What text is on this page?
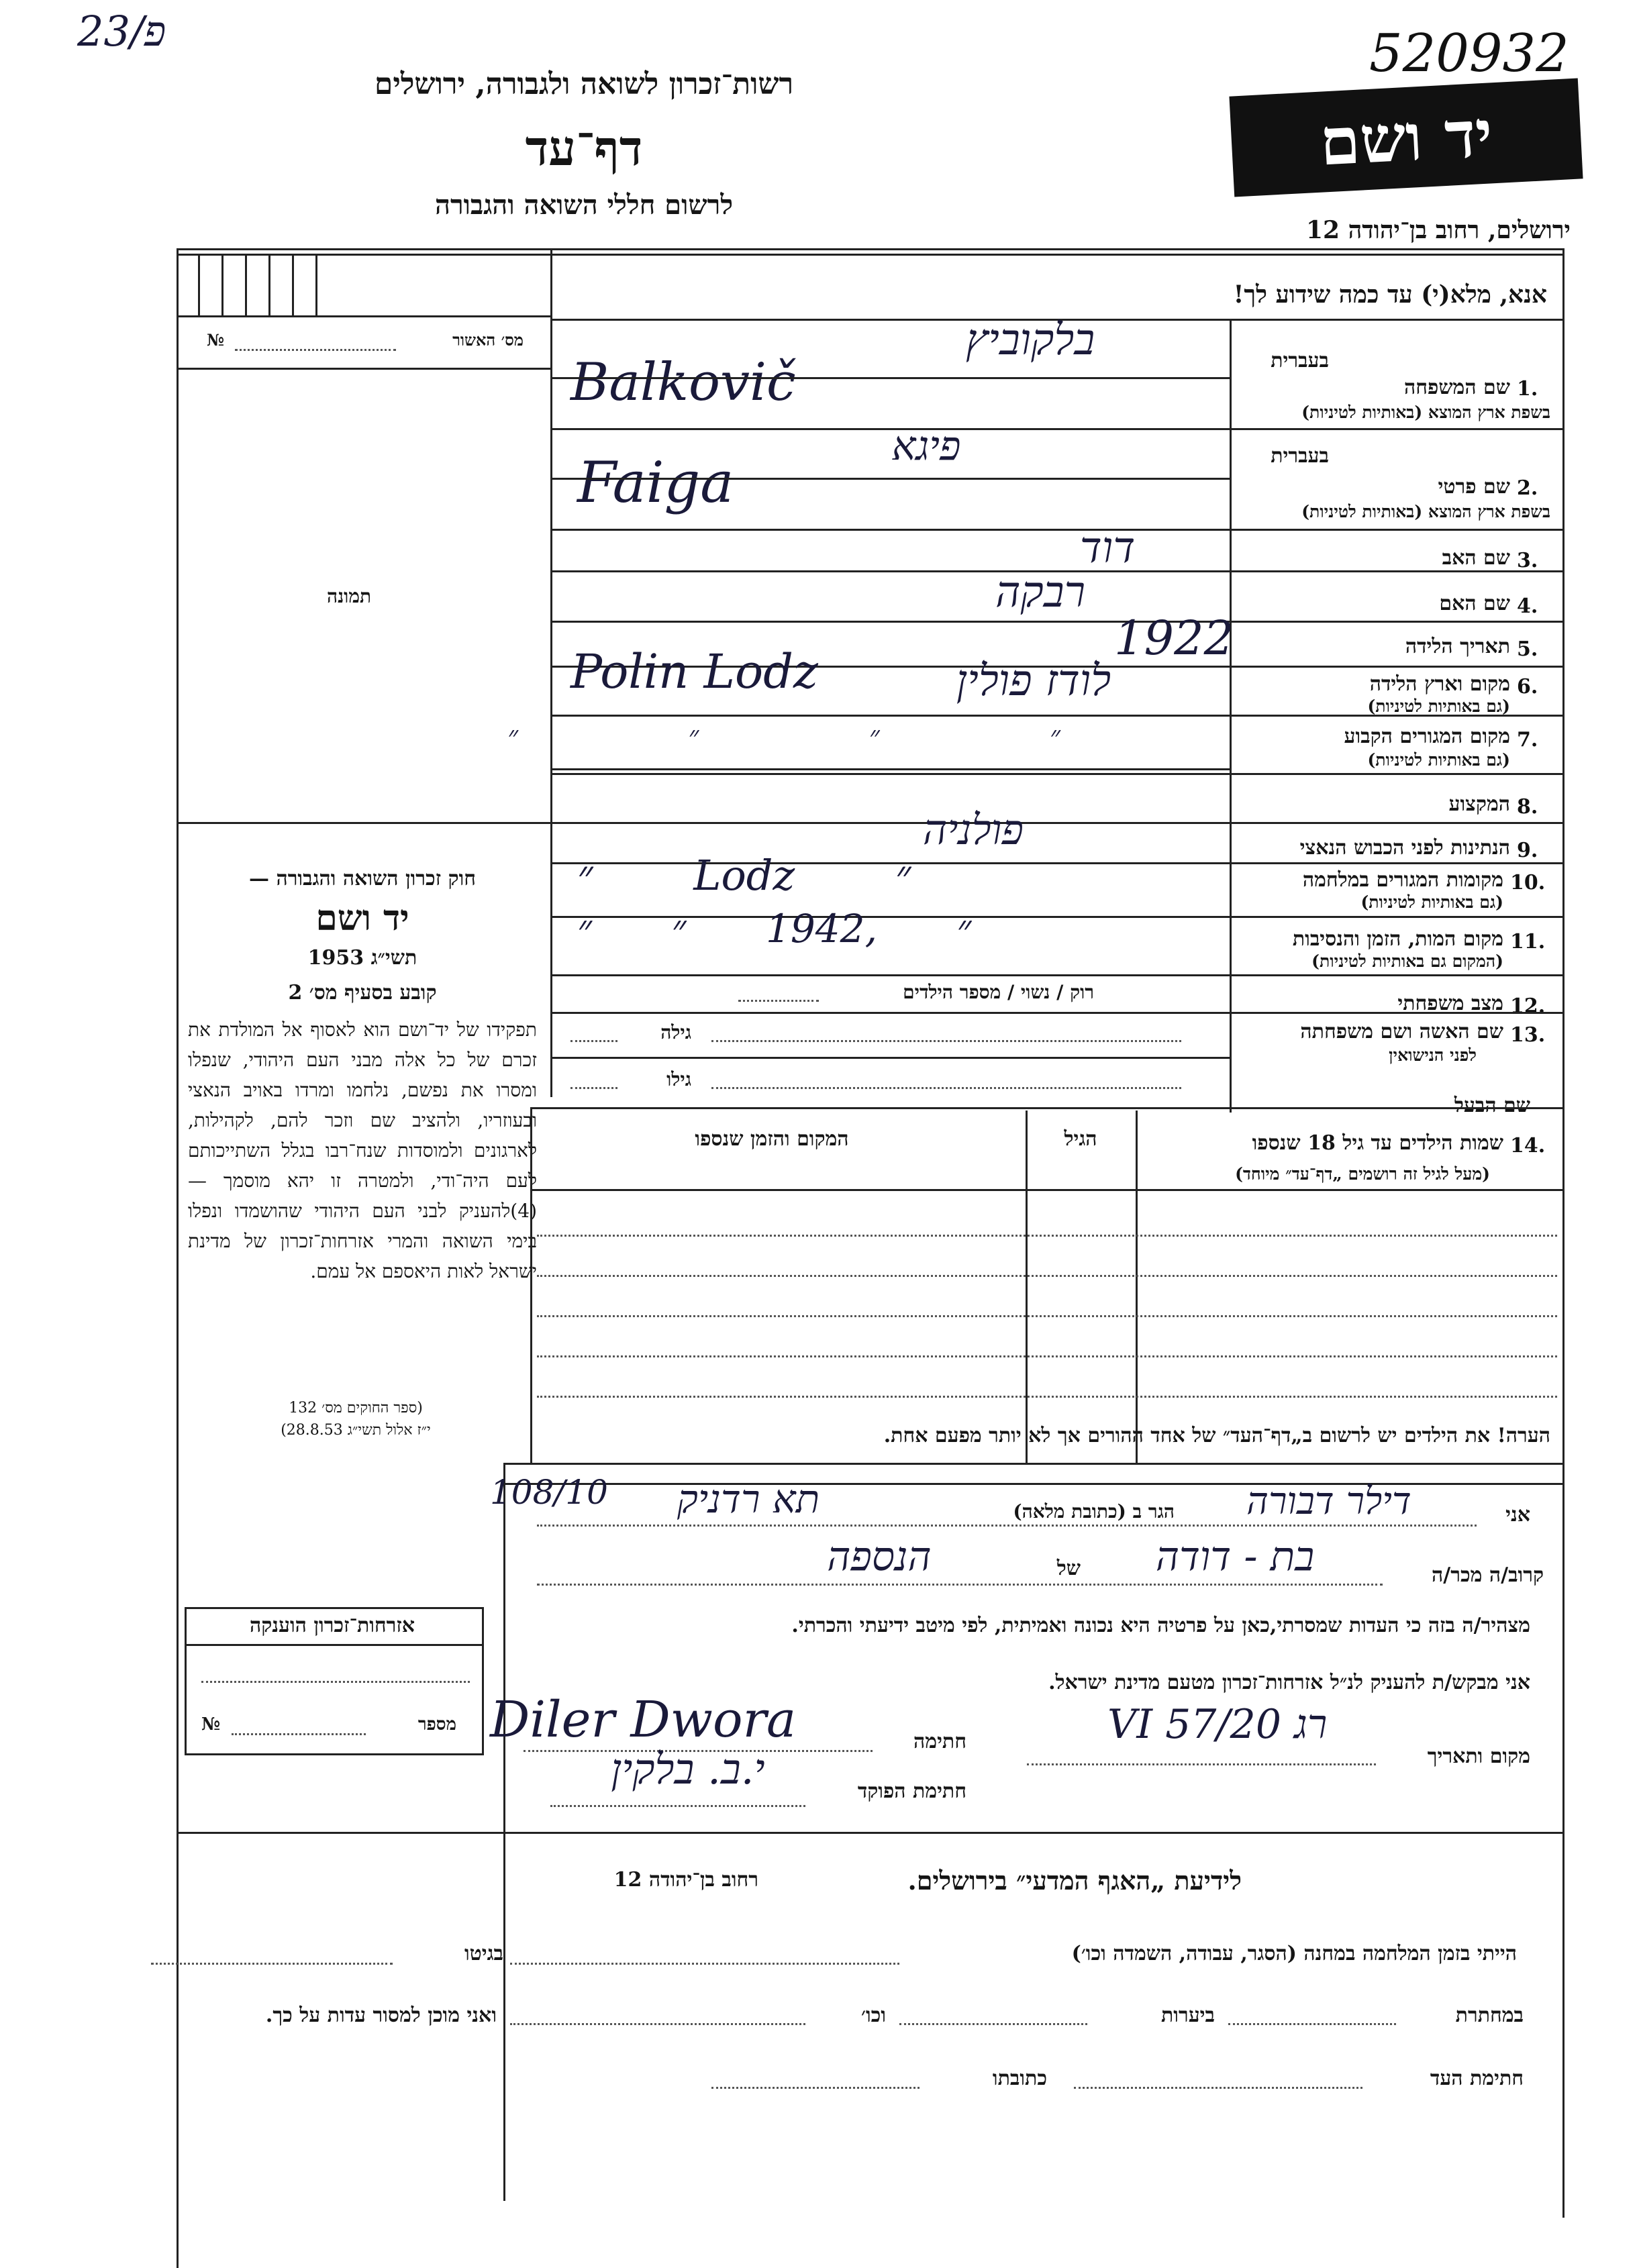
23/פ	520932
רשות־זכרון לשואה ולגבורה, ירושלים
דף־עד
לרשום חללי השואה והגבורה
יד ושם
ירושלים, רחוב בן־יהודה 12
מס׳ האשור
№
תמונה
אנא, מלא(י) עד כמה שידוע לך!
1.
שם המשפחה
בשפת ארץ המוצא (באותיות לטיניות)
בעברית
בלקוביץ
Balkovič
2.
שם פרטי
בשפת ארץ המוצא (באותיות לטיניות)
בעברית
פיגא
Faiga
3.
שם האב
דוד
4.
שם האם
רבקה
5.
תאריך הלידה
1922
6.
מקום וארץ הלידה
(גם באותיות לטיניות)
לודז פולין
Polin Lodz
7.
מקום המגורים הקבוע
(גם באותיות לטיניות)
״ ״ ״ ״
8.
המקצוע
9.
הנתינות לפני הכבוש הנאצי
פולניה
10.
מקומות המגורים במלחמה
(גם באותיות לטיניות)
״ Lodz ״
11.
מקום המות, הזמן והנסיבות
(המקום גם באותיות לטיניות)
״ ,1942 ״ ״
12.
מצב משפחתי
רוק / נשוי / מספר הילדים
13.
שם האשה ושם משפחתה
לפני הנישואין
גילה
גילו
שם הבעל
חוק זכרון השואה והגבורה —
יד ושם
תשי״ג 1953
קובע בסעיף מס׳ 2
תפקידו של יד־ושם הוא לאסוף אל המולדת את זכרם של כל אלה מבני העם היהודי, שנפלו ומסרו את נפשם, נלחמו ומרדו באויב הנאצי ובעוזריו, ולהציב שם וזכר להם, לקהילות, לארגונים ולמוסדות שנח־רבו בגלל השתייכותם לעם היה־ודי, ולמטרה זו יהא מוסמך — (4)להעניק לבני העם היהודי שהושמדו ונפלו בימי השואה והמרי אזרחות־זכרון של מדינת ישראל לאות היאספם אל עמם.
(ספר החוקים מס׳ 132
י״ז אלול תשי״ג 28.8.53)
14.
שמות הילדים עד גיל 18 שנספו
(מעל לגיל זה רושמים „דף־עד״ מיוחד)
הגיל
המקום והזמן שנספו
הערה! את הילדים יש לרשום ב„דף־העד״ של אחד ההורים אך לא יותר מפעם אחת.
אני
דילר דבורה
הגר ב (כתובת מלאה)
תא רדניק
108/10
קרוב/ה מכר/ה
בת - דודה
של
הנספה
מצהיר/ה בזה כי העדות שמסרתי,כאן על פרטיה היא נכונה ואמיתית, לפי מיטב ידיעתי והכרתי.
אני מבקש/ת להעניק לנ״ל אזרחות־זכרון מטעם מדינת ישראל.
מקום ותאריך
רג 20/VI 57
חתימה
Diler Dwora
חתימת הפוקד
י.ב. בלקין
אזרחות־זכרון הוענקה
מספר
№
לידיעת „האגף המדעי״ בירושלים.
רחוב בן־יהודה 12
הייתי בזמן המלחמה במחנה (הסגר, עבודה, השמדה וכו׳)
בגיטו
במחתרת
ביערות
וכו׳
ואני מוכן למסור עדות על כך.
חתימת העד
כתובתו
